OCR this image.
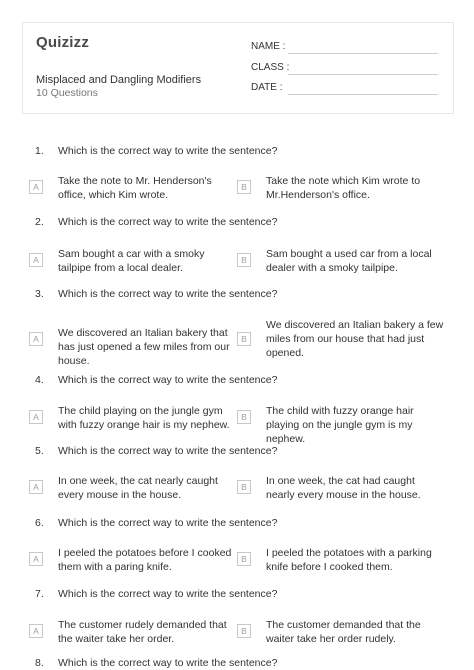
Quizizz
Misplaced and Dangling Modifiers
10 Questions
NAME :
CLASS :
DATE :
1. Which is the correct way to write the sentence?
A	Take the note to Mr. Henderson's office, which Kim wrote.
B	Take the note which Kim wrote to Mr.Henderson's office.
2. Which is the correct way to write the sentence?
A	Sam bought a car with a smoky tailpipe from a local dealer.
B	Sam bought a used car from a local dealer with a smoky tailpipe.
3. Which is the correct way to write the sentence?
A	We discovered an Italian bakery that has just opened a few miles from our house.
B
We discovered an Italian bakery a few miles from our house that had just opened.
4. Which is the correct way to write the sentence?
A	The child playing on the jungle gym with fuzzy orange hair is my nephew.
B	The child with fuzzy orange hair playing on the jungle gym is my nephew.
5. Which is the correct way to write the sentence?
A	In one week, the cat nearly caught every mouse in the house.
B	In one week, the cat had caught nearly every mouse in the house.
6. Which is the correct way to write the sentence?
A	I peeled the potatoes before I cooked them with a paring knife.
B	I peeled the potatoes with a parking knife before I cooked them.
7. Which is the correct way to write the sentence?
A	The customer rudely demanded that the waiter take her order.
B	The customer demanded that the waiter take her order rudely.
8. Which is the correct way to write the sentence?
